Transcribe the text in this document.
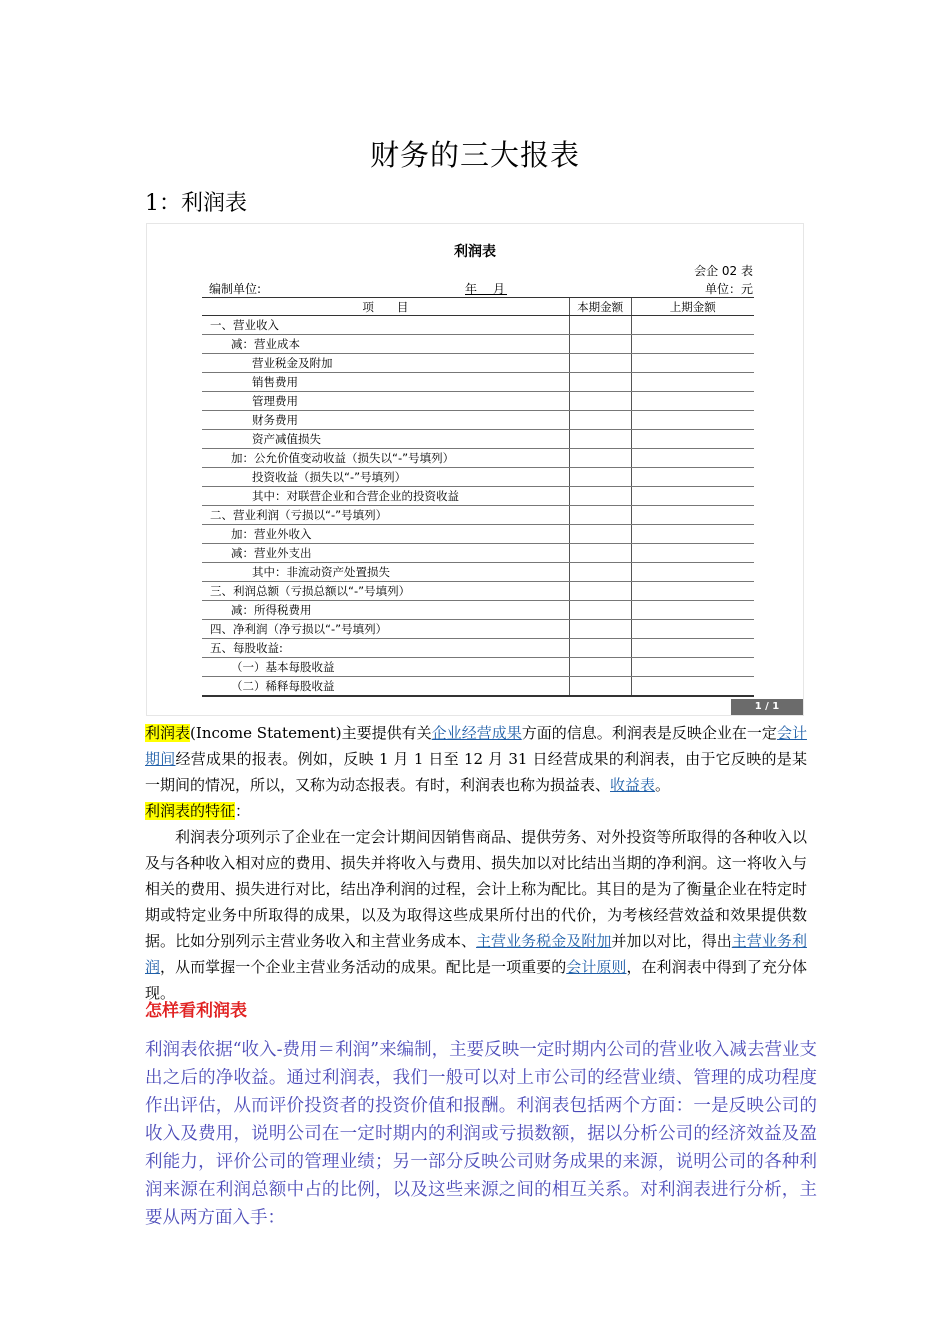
财务的三大报表
1：利润表
利润表
会企 02 表
编制单位:	年　月	单位：元
项　　目	本期金额	上期金额
一、营业收入		
减：营业成本		
营业税金及附加		
销售费用		
管理费用		
财务费用		
资产减值损失		
加：公允价值变动收益（损失以“-”号填列）		
投资收益（损失以“-”号填列）		
其中：对联营企业和合营企业的投资收益		
二、营业利润（亏损以“-”号填列）		
加：营业外收入		
减：营业外支出		
其中：非流动资产处置损失		
三、利润总额（亏损总额以“-”号填列）		
减：所得税费用		
四、净利润（净亏损以“-”号填列）		
五、每股收益:		
（一）基本每股收益		
（二）稀释每股收益		
1 / 1
利润表(Income Statement)主要提供有关企业经营成果方面的信息。利润表是反映企业在一定会计期间经营成果的报表。例如，反映 1 月 1 日至 12 月 31 日经营成果的利润表，由于它反映的是某一期间的情况，所以，又称为动态报表。有时，利润表也称为损益表、收益表。
利润表的特征：
利润表分项列示了企业在一定会计期间因销售商品、提供劳务、对外投资等所取得的各种收入以及与各种收入相对应的费用、损失并将收入与费用、损失加以对比结出当期的净利润。这一将收入与相关的费用、损失进行对比，结出净利润的过程，会计上称为配比。其目的是为了衡量企业在特定时期或特定业务中所取得的成果，以及为取得这些成果所付出的代价，为考核经营效益和效果提供数据。比如分别列示主营业务收入和主营业务成本、主营业务税金及附加并加以对比，得出主营业务利润，从而掌握一个企业主营业务活动的成果。配比是一项重要的会计原则，在利润表中得到了充分体现。
怎样看利润表
利润表依据“收入-费用＝利润”来编制，主要反映一定时期内公司的营业收入减去营业支出之后的净收益。通过利润表，我们一般可以对上市公司的经营业绩、管理的成功程度作出评估，从而评价投资者的投资价值和报酬。利润表包括两个方面：一是反映公司的收入及费用，说明公司在一定时期内的利润或亏损数额，据以分析公司的经济效益及盈利能力，评价公司的管理业绩；另一部分反映公司财务成果的来源，说明公司的各种利润来源在利润总额中占的比例，以及这些来源之间的相互关系。对利润表进行分析，主要从两方面入手：
